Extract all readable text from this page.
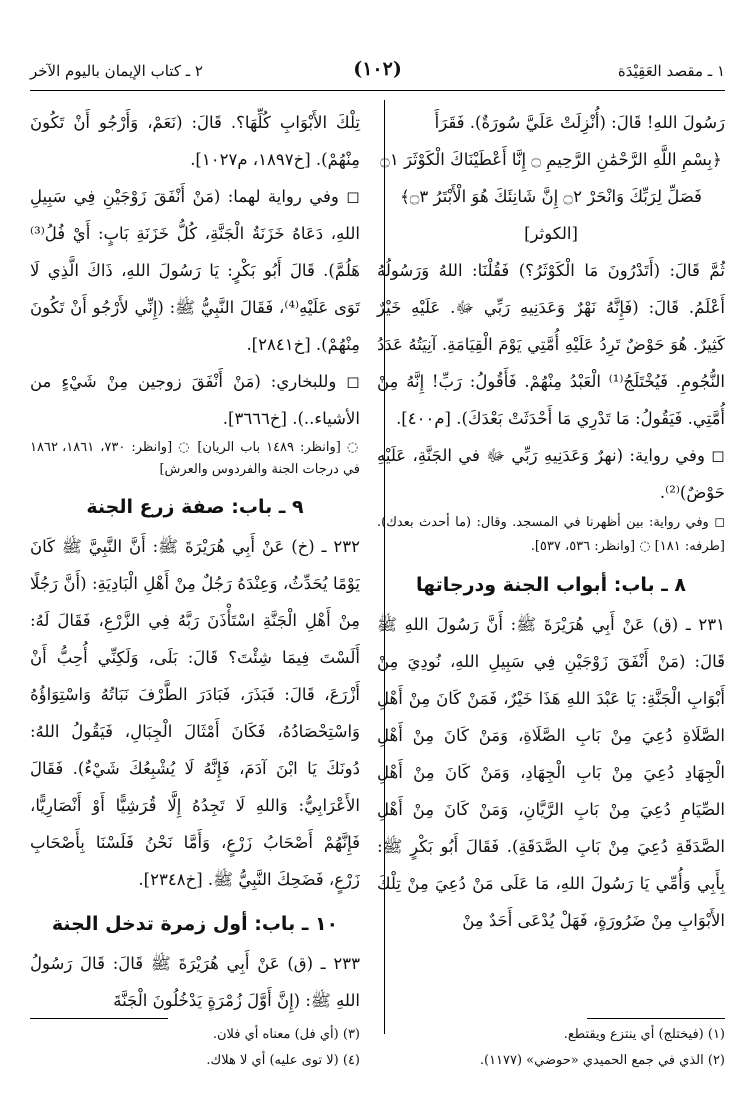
١ ـ مقصد العَقِيْدَة
(١٠٢)
٢ ـ كتاب الإيمان باليوم الآخر

رَسُولَ اللهِ! قَالَ: (أُنْزِلَتْ عَلَيَّ سُورَةٌ). فَقَرَأَ

﴿بِسْمِ اللَّهِ الرَّحْمَٰنِ الرَّحِيمِ ۝ إِنَّا أَعْطَيْنَاكَ الْكَوْثَرَ ۝١ فَصَلِّ لِرَبِّكَ وَانْحَرْ ۝٢ إِنَّ شَانِئَكَ هُوَ الْأَبْتَرُ ۝٣﴾ [الكوثر]

ثُمَّ قَالَ: (أَتَدْرُونَ مَا الْكَوْثَرُ؟) فَقُلْنَا: اللهُ وَرَسُولُهُ أَعْلَمُ. قَالَ: (فَإِنَّهُ نَهْرٌ وَعَدَنِيهِ رَبِّي ﷻ. عَلَيْهِ خَيْرٌ كَثِيرٌ. هُوَ حَوْضٌ تَرِدُ عَلَيْهِ أُمَّتِي يَوْمَ الْقِيَامَةِ. آنِيَتُهُ عَدَدُ النُّجُومِ. فَيُخْتَلَجُ⁽¹⁾ الْعَبْدُ مِنْهُمْ. فَأَقُولُ: رَبِّ! إِنَّهُ مِنْ أُمَّتِي. فَيَقُولُ: مَا تَدْرِي مَا أَحْدَثَتْ بَعْدَكَ). [م٤٠٠].

◻ وفي رواية: (نهرٌ وَعَدَنِيهِ رَبِّي ﷻ في الجَنَّةِ، عَلَيْهِ حَوْضٌ)⁽²⁾.

◻ وفي رواية: بين أظهرنا في المسجد. وقال: (ما أحدث بعدك). [طرفه: ١٨١] ◌ [وانظر: ٥٣٦، ٥٣٧].

٨ ـ باب: أبواب الجنة ودرجاتها

٢٣١ ـ (ق) عَنْ أَبِي هُرَيْرَةَ ﷺ: أَنَّ رَسُولَ اللهِ ﷺ قَالَ: (مَنْ أَنْفَقَ زَوْجَيْنِ فِي سَبِيلِ اللهِ، نُودِيَ مِنْ أَبْوَابِ الْجَنَّةِ: يَا عَبْدَ اللهِ هَذَا خَيْرٌ، فَمَنْ كَانَ مِنْ أَهْلِ الصَّلَاةِ دُعِيَ مِنْ بَابِ الصَّلَاةِ، وَمَنْ كَانَ مِنْ أَهْلِ الْجِهَادِ دُعِيَ مِنْ بَابِ الْجِهَادِ، وَمَنْ كَانَ مِنْ أَهْلِ الصِّيَامِ دُعِيَ مِنْ بَابِ الرَّيَّانِ، وَمَنْ كَانَ مِنْ أَهْلِ الصَّدَقَةِ دُعِيَ مِنْ بَابِ الصَّدَقَةِ). فَقَالَ أَبُو بَكْرٍ ﷺ: بِأَبِي وَأُمِّي يَا رَسُولَ اللهِ، مَا عَلَى مَنْ دُعِيَ مِنْ تِلْكَ الأَبْوَابِ مِنْ ضَرُورَةٍ، فَهَلْ يُدْعَى أَحَدٌ مِنْ

تِلْكَ الأَبْوَابِ كُلِّهَا؟. قَالَ: (نَعَمْ، وَأَرْجُو أَنْ تَكُونَ مِنْهُمْ). [خ١٨٩٧، م١٠٢٧].

◻ وفي رواية لهما: (مَنْ أَنْفَقَ زَوْجَيْنِ فِي سَبِيلِ اللهِ، دَعَاهُ خَزَنَةُ الْجَنَّةِ، كُلُّ خَزَنَةِ بَابٍ: أَيْ فُلُ⁽³⁾ هَلُمَّ). قَالَ أَبُو بَكْرٍ: يَا رَسُولَ اللهِ، ذَاكَ الَّذِي لَا تَوَى عَلَيْهِ⁽⁴⁾، فَقَالَ النَّبِيُّ ﷺ: (إِنِّي لأَرْجُو أَنْ تَكُونَ مِنْهُمْ). [خ٢٨٤١].

◻ وللبخاري: (مَنْ أَنْفَقَ زوجين مِنْ شَيْءٍ من الأشياء..). [خ٣٦٦٦].

◌ [وانظر: ١٤٨٩ باب الريان] ◌ [وانظر: ٧٣٠، ١٨٦١، ١٨٦٢ في درجات الجنة والفردوس والعرش]

٩ ـ باب: صفة زرع الجنة

٢٣٢ ـ (خ) عَنْ أَبِي هُرَيْرَةَ ﷺ: أَنَّ النَّبِيَّ ﷺ كَانَ يَوْمًا يُحَدِّثُ، وَعِنْدَهُ رَجُلٌ مِنْ أَهْلِ الْبَادِيَةِ: (أَنَّ رَجُلًا مِنْ أَهْلِ الْجَنَّةِ اسْتَأْذَنَ رَبَّهُ فِي الزَّرْعِ، فَقَالَ لَهُ: أَلَسْتَ فِيمَا شِئْتَ؟ قَالَ: بَلَى، وَلَكِنِّي أُحِبُّ أَنْ أَزْرَعَ، قَالَ: فَبَذَرَ، فَبَادَرَ الطَّرْفَ نَبَاتُهُ وَاسْتِوَاؤُهُ وَاسْتِحْصَادُهُ، فَكَانَ أَمْثَالَ الْجِبَالِ، فَيَقُولُ اللهُ: دُونَكَ يَا ابْنَ آدَمَ، فَإِنَّهُ لَا يُشْبِعُكَ شَيْءٌ). فَقَالَ الأَعْرَابِيُّ: وَاللهِ لَا تَجِدُهُ إِلَّا قُرَشِيًّا أَوْ أَنْصَارِيًّا، فَإِنَّهُمْ أَصْحَابُ زَرْعٍ، وَأَمَّا نَحْنُ فَلَسْنَا بِأَصْحَابِ زَرْعٍ، فَضَحِكَ النَّبِيُّ ﷺ. [خ٢٣٤٨].

١٠ ـ باب: أول زمرة تدخل الجنة

٢٣٣ ـ (ق) عَنْ أَبِي هُرَيْرَةَ ﷺ قَالَ: قَالَ رَسُولُ اللهِ ﷺ: (إِنَّ أَوَّلَ زُمْرَةٍ يَدْخُلُونَ الْجَنَّةَ

(١) (فيختلج) أي ينتزع ويقتطع.
(٢) الذي في جمع الحميدي «حوضي» (١١٧٧).
(٣) (أي فل) معناه أي فلان.
(٤) (لا توى عليه) أي لا هلاك.
